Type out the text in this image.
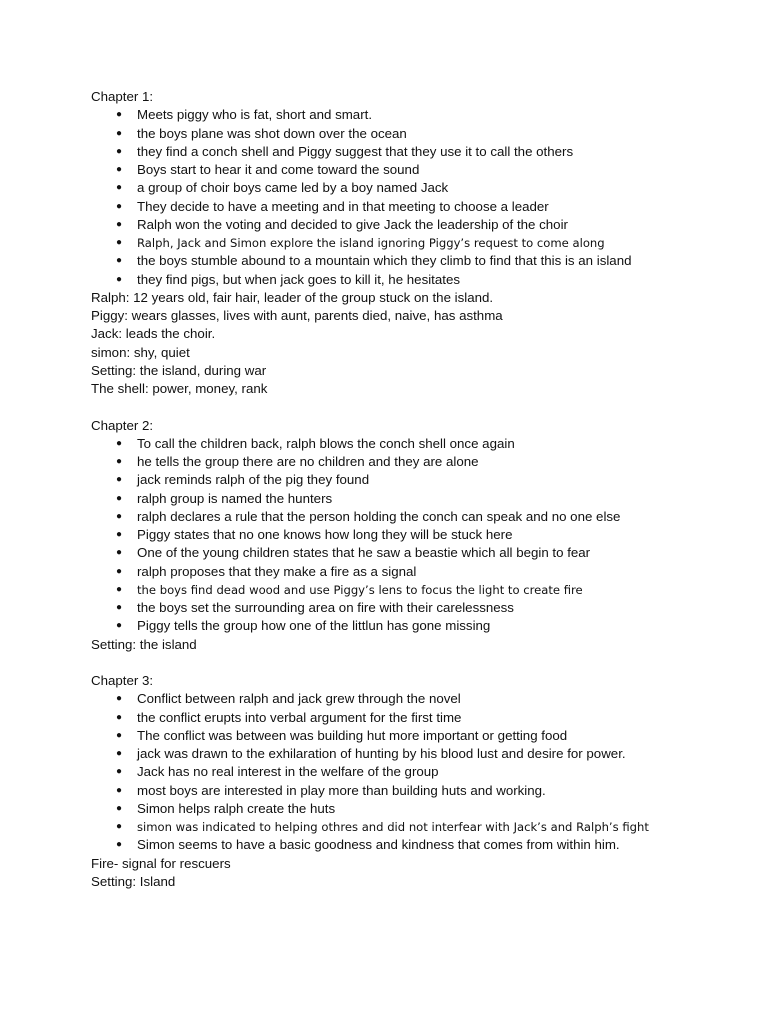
Chapter 1:
● Meets piggy who is fat, short and smart.
● the boys plane was shot down over the ocean
● they find a conch shell and Piggy suggest that they use it to call the others
● Boys start to hear it and come toward the sound
● a group of choir boys came led by a boy named Jack
● They decide to have a meeting and in that meeting to choose a leader
● Ralph won the voting and decided to give Jack the leadership of the choir
● Ralph, Jack and Simon explore the island ignoring Piggy’s request to come along
● the boys stumble abound to a mountain which they climb to find that this is an island
● they find pigs, but when jack goes to kill it, he hesitates
Ralph: 12 years old, fair hair, leader of the group stuck on the island.
Piggy: wears glasses, lives with aunt, parents died, naive, has asthma
Jack: leads the choir.
simon: shy, quiet
Setting: the island, during war
The shell: power, money, rank
Chapter 2:
● To call the children back, ralph blows the conch shell once again
● he tells the group there are no children and they are alone
● jack reminds ralph of the pig they found
● ralph group is named the hunters
● ralph declares a rule that the person holding the conch can speak and no one else
● Piggy states that no one knows how long they will be stuck here
● One of the young children states that he saw a beastie which all begin to fear
● ralph proposes that they make a fire as a signal
● the boys find dead wood and use Piggy’s lens to focus the light to create fire
● the boys set the surrounding area on fire with their carelessness
● Piggy tells the group how one of the littlun has gone missing
Setting: the island
Chapter 3:
● Conflict between ralph and jack grew through the novel
● the conflict erupts into verbal argument for the first time
● The conflict was between was building hut more important or getting food
● jack was drawn to the exhilaration of hunting by his blood lust and desire for power.
● Jack has no real interest in the welfare of the group
● most boys are interested in play more than building huts and working.
● Simon helps ralph create the huts
● simon was indicated to helping othres and did not interfear with Jack’s and Ralph’s fight
● Simon seems to have a basic goodness and kindness that comes from within him.
Fire- signal for rescuers
Setting: Island
